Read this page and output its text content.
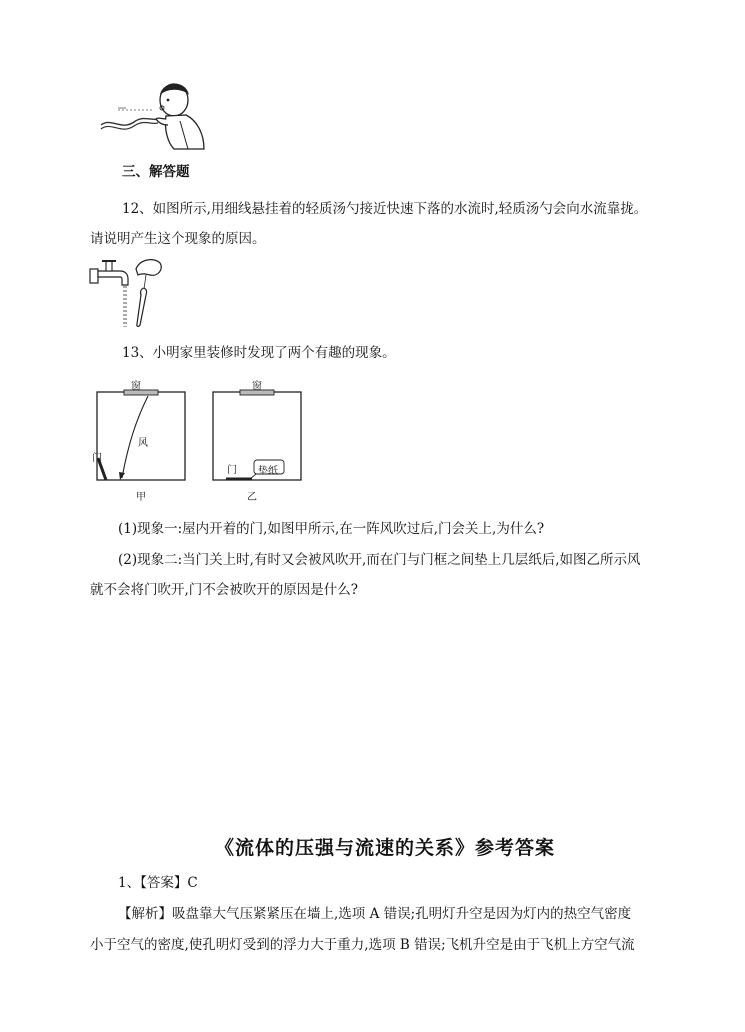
三、解答题
12、如图所示,用细线悬挂着的轻质汤勺接近快速下落的水流时,轻质汤勺会向水流靠拢。
请说明产生这个现象的原因。
13、小明家里装修时发现了两个有趣的现象。
窗
风
门
甲
窗
门 垫纸
乙
(1)现象一:屋内开着的门,如图甲所示,在一阵风吹过后,门会关上,为什么?
(2)现象二:当门关上时,有时又会被风吹开,而在门与门框之间垫上几层纸后,如图乙所示风
就不会将门吹开,门不会被吹开的原因是什么?
《流体的压强与流速的关系》参考答案
1、【答案】C
【解析】吸盘靠大气压紧紧压在墙上,选项 A 错误;孔明灯升空是因为灯内的热空气密度
小于空气的密度,使孔明灯受到的浮力大于重力,选项 B 错误;飞机升空是由于飞机上方空气流
